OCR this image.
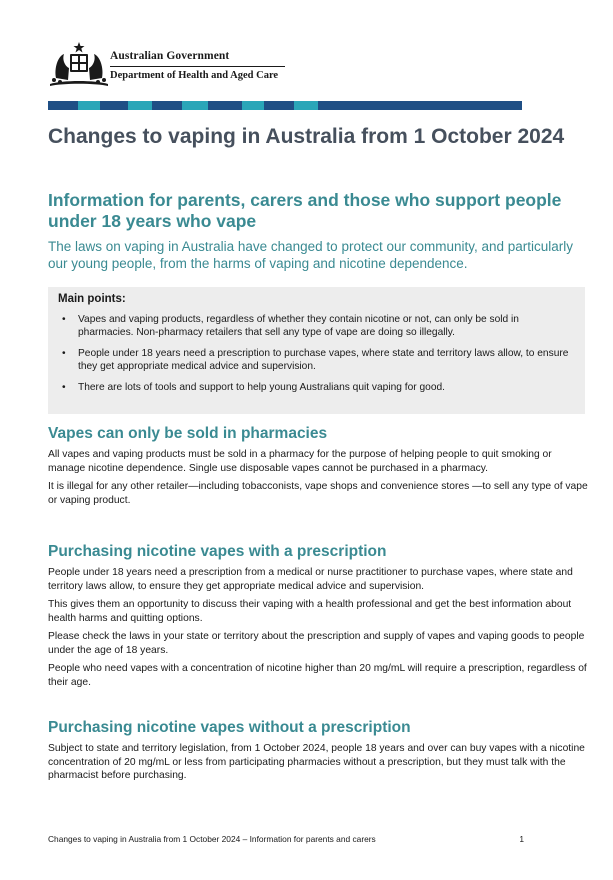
Australian Government
Department of Health and Aged Care
Changes to vaping in Australia from 1 October 2024
Information for parents, carers and those who support people under 18 years who vape

The laws on vaping in Australia have changed to protect our community, and particularly our young people, from the harms of vaping and nicotine dependence.

Main points:
• Vapes and vaping products, regardless of whether they contain nicotine or not, can only be sold in pharmacies. Non-pharmacy retailers that sell any type of vape are doing so illegally.
• People under 18 years need a prescription to purchase vapes, where state and territory laws allow, to ensure they get appropriate medical advice and supervision.
• There are lots of tools and support to help young Australians quit vaping for good.
Vapes can only be sold in pharmacies

All vapes and vaping products must be sold in a pharmacy for the purpose of helping people to quit smoking or manage nicotine dependence. Single use disposable vapes cannot be purchased in a pharmacy.

It is illegal for any other retailer—including tobacconists, vape shops and convenience stores —to sell any type of vape or vaping product.

Purchasing nicotine vapes with a prescription

People under 18 years need a prescription from a medical or nurse practitioner to purchase vapes, where state and territory laws allow, to ensure they get appropriate medical advice and supervision.

This gives them an opportunity to discuss their vaping with a health professional and get the best information about health harms and quitting options.

Please check the laws in your state or territory about the prescription and supply of vapes and vaping goods to people under the age of 18 years.

People who need vapes with a concentration of nicotine higher than 20 mg/mL will require a prescription, regardless of their age.

Purchasing nicotine vapes without a prescription

Subject to state and territory legislation, from 1 October 2024, people 18 years and over can buy vapes with a nicotine concentration of 20 mg/mL or less from participating pharmacies without a prescription, but they must talk with the pharmacist before purchasing.

Changes to vaping in Australia from 1 October 2024 – Information for parents and carers	1
